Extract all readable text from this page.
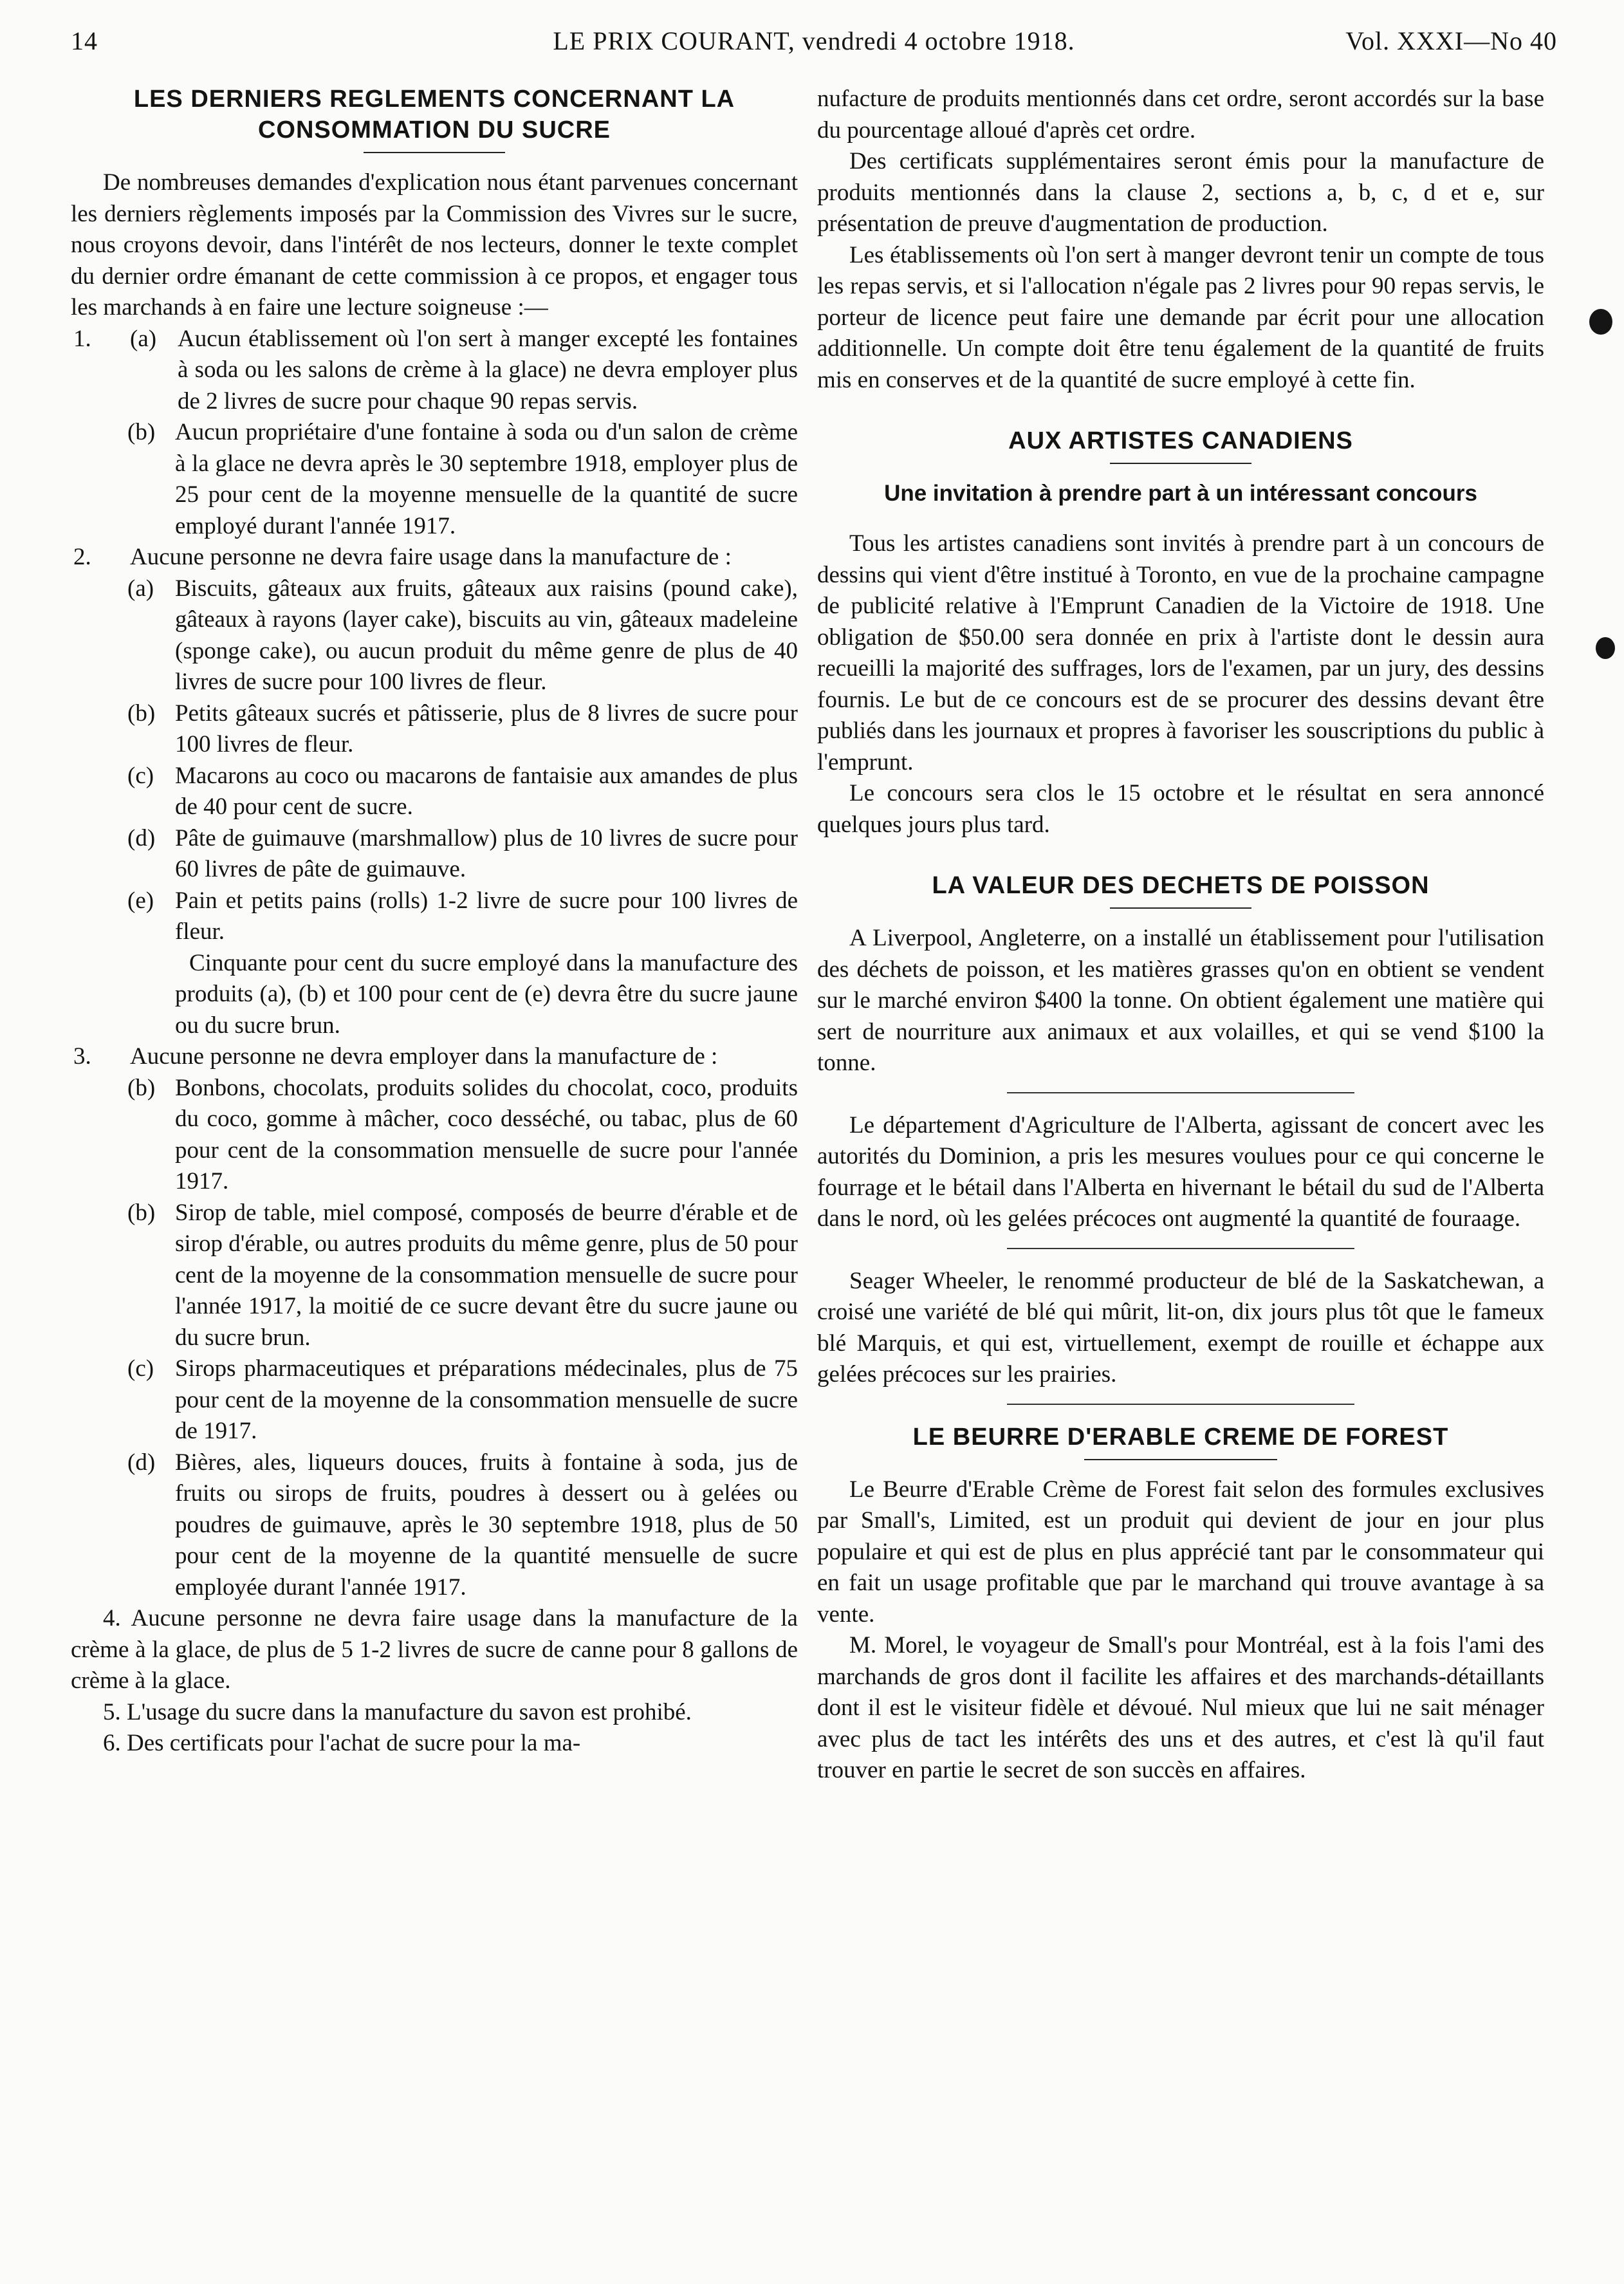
14	LE PRIX COURANT, vendredi 4 octobre 1918.	Vol. XXXI—No 40
LES DERNIERS REGLEMENTS CONCERNANT LA CONSOMMATION DU SUCRE

De nombreuses demandes d'explication nous étant parvenues concernant les derniers règlements imposés par la Commission des Vivres sur le sucre, nous croyons devoir, dans l'intérêt de nos lecteurs, donner le texte complet du dernier ordre émanant de cette commission à ce propos, et engager tous les marchands à en faire une lecture soigneuse :—

1.	(a) Aucun établissement où l'on sert à manger excepté les fontaines à soda ou les salons de crème à la glace) ne devra employer plus de 2 livres de sucre pour chaque 90 repas servis.
(b) Aucun propriétaire d'une fontaine à soda ou d'un salon de crème à la glace ne devra après le 30 septembre 1918, employer plus de 25 pour cent de la moyenne mensuelle de la quantité de sucre employé durant l'année 1917.
2.	Aucune personne ne devra faire usage dans la manufacture de :
(a) Biscuits, gâteaux aux fruits, gâteaux aux raisins (pound cake), gâteaux à rayons (layer cake), biscuits au vin, gâteaux madeleine (sponge cake), ou aucun produit du même genre de plus de 40 livres de sucre pour 100 livres de fleur.
(b) Petits gâteaux sucrés et pâtisserie, plus de 8 livres de sucre pour 100 livres de fleur.
(c) Macarons au coco ou macarons de fantaisie aux amandes de plus de 40 pour cent de sucre.
(d) Pâte de guimauve (marshmallow) plus de 10 livres de sucre pour 60 livres de pâte de guimauve.
(e) Pain et petits pains (rolls) 1-2 livre de sucre pour 100 livres de fleur.

Cinquante pour cent du sucre employé dans la manufacture des produits (a), (b) et 100 pour cent de (e) devra être du sucre jaune ou du sucre brun.

3.	Aucune personne ne devra employer dans la manufacture de :
(b) Bonbons, chocolats, produits solides du chocolat, coco, produits du coco, gomme à mâcher, coco desséché, ou tabac, plus de 60 pour cent de la consommation mensuelle de sucre pour l'année 1917.
(b) Sirop de table, miel composé, composés de beurre d'érable et de sirop d'érable, ou autres produits du même genre, plus de 50 pour cent de la moyenne de la consommation mensuelle de sucre pour l'année 1917, la moitié de ce sucre devant être du sucre jaune ou du sucre brun.
(c) Sirops pharmaceutiques et préparations médecinales, plus de 75 pour cent de la moyenne de la consommation mensuelle de sucre de 1917.
(d) Bières, ales, liqueurs douces, fruits à fontaine à soda, jus de fruits ou sirops de fruits, poudres à dessert ou à gelées ou poudres de guimauve, après le 30 septembre 1918, plus de 50 pour cent de la moyenne de la quantité mensuelle de sucre employée durant l'année 1917.

4. Aucune personne ne devra faire usage dans la manufacture de la crème à la glace, de plus de 5 1-2 livres de sucre de canne pour 8 gallons de crème à la glace.

5. L'usage du sucre dans la manufacture du savon est prohibé.

6. Des certificats pour l'achat de sucre pour la ma-

nufacture de produits mentionnés dans cet ordre, seront accordés sur la base du pourcentage alloué d'après cet ordre.

Des certificats supplémentaires seront émis pour la manufacture de produits mentionnés dans la clause 2, sections a, b, c, d et e, sur présentation de preuve d'augmentation de production.

Les établissements où l'on sert à manger devront tenir un compte de tous les repas servis, et si l'allocation n'égale pas 2 livres pour 90 repas servis, le porteur de licence peut faire une demande par écrit pour une allocation additionnelle. Un compte doit être tenu également de la quantité de fruits mis en conserves et de la quantité de sucre employé à cette fin.

AUX ARTISTES CANADIENS
Une invitation à prendre part à un intéressant concours

Tous les artistes canadiens sont invités à prendre part à un concours de dessins qui vient d'être institué à Toronto, en vue de la prochaine campagne de publicité relative à l'Emprunt Canadien de la Victoire de 1918. Une obligation de $50.00 sera donnée en prix à l'artiste dont le dessin aura recueilli la majorité des suffrages, lors de l'examen, par un jury, des dessins fournis. Le but de ce concours est de se procurer des dessins devant être publiés dans les journaux et propres à favoriser les souscriptions du public à l'emprunt.

Le concours sera clos le 15 octobre et le résultat en sera annoncé quelques jours plus tard.

LA VALEUR DES DECHETS DE POISSON

A Liverpool, Angleterre, on a installé un établissement pour l'utilisation des déchets de poisson, et les matières grasses qu'on en obtient se vendent sur le marché environ $400 la tonne. On obtient également une matière qui sert de nourriture aux animaux et aux volailles, et qui se vend $100 la tonne.

Le département d'Agriculture de l'Alberta, agissant de concert avec les autorités du Dominion, a pris les mesures voulues pour ce qui concerne le fourrage et le bétail dans l'Alberta en hivernant le bétail du sud de l'Alberta dans le nord, où les gelées précoces ont augmenté la quantité de fouraage.

Seager Wheeler, le renommé producteur de blé de la Saskatchewan, a croisé une variété de blé qui mûrit, lit-on, dix jours plus tôt que le fameux blé Marquis, et qui est, virtuellement, exempt de rouille et échappe aux gelées précoces sur les prairies.

LE BEURRE D'ERABLE CREME DE FOREST

Le Beurre d'Erable Crème de Forest fait selon des formules exclusives par Small's, Limited, est un produit qui devient de jour en jour plus populaire et qui est de plus en plus apprécié tant par le consommateur qui en fait un usage profitable que par le marchand qui trouve avantage à sa vente.

M. Morel, le voyageur de Small's pour Montréal, est à la fois l'ami des marchands de gros dont il facilite les affaires et des marchands-détaillants dont il est le visiteur fidèle et dévoué. Nul mieux que lui ne sait ménager avec plus de tact les intérêts des uns et des autres, et c'est là qu'il faut trouver en partie le secret de son succès en affaires.
